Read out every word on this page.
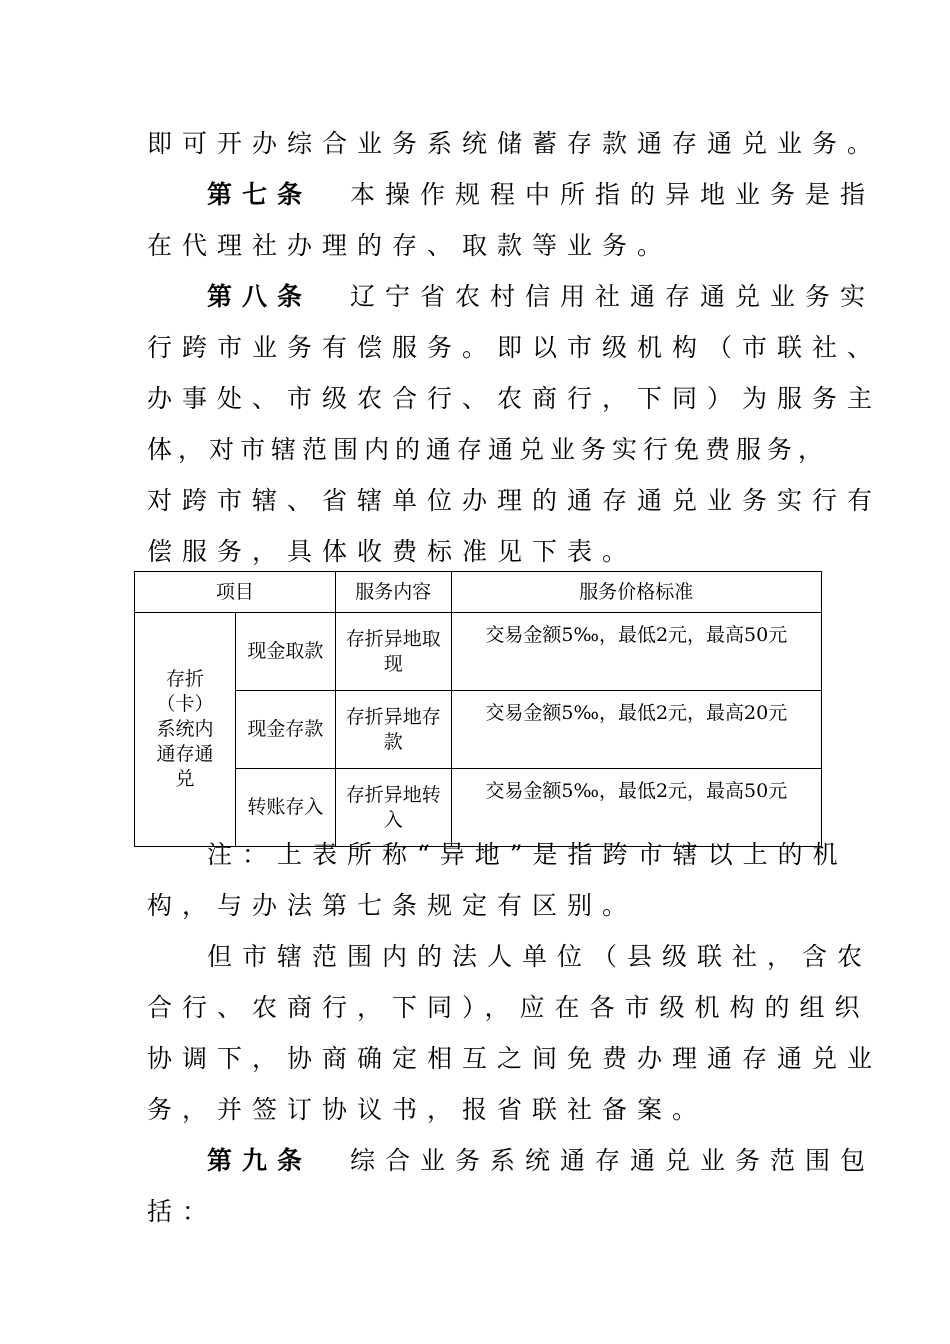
即可开办综合业务系统储蓄存款通存通兑业务。
第七条 本操作规程中所指的异地业务是指
在代理社办理的存、取款等业务。
第八条 辽宁省农村信用社通存通兑业务实
行跨市业务有偿服务。即以市级机构（市联社、
办事处、市级农合行、农商行，下同）为服务主
体，对市辖范围内的通存通兑业务实行免费服务，
对跨市辖、省辖单位办理的通存通兑业务实行有
偿服务，具体收费标准见下表。
项目		服务内容	服务价格标准
存折（卡）系统内通存通兑	现金取款	存折异地取现	交易金额5‰，最低2元，最高50元
	现金存款	存折异地存款	交易金额5‰，最低2元，最高20元
	转账存入	存折异地转入	交易金额5‰，最低2元，最高50元
注：上表所称“异地”是指跨市辖以上的机
构，与办法第七条规定有区别。
但市辖范围内的法人单位（县级联社，含农
合行、农商行，下同），应在各市级机构的组织
协调下，协商确定相互之间免费办理通存通兑业
务，并签订协议书，报省联社备案。
第九条 综合业务系统通存通兑业务范围包
括：
